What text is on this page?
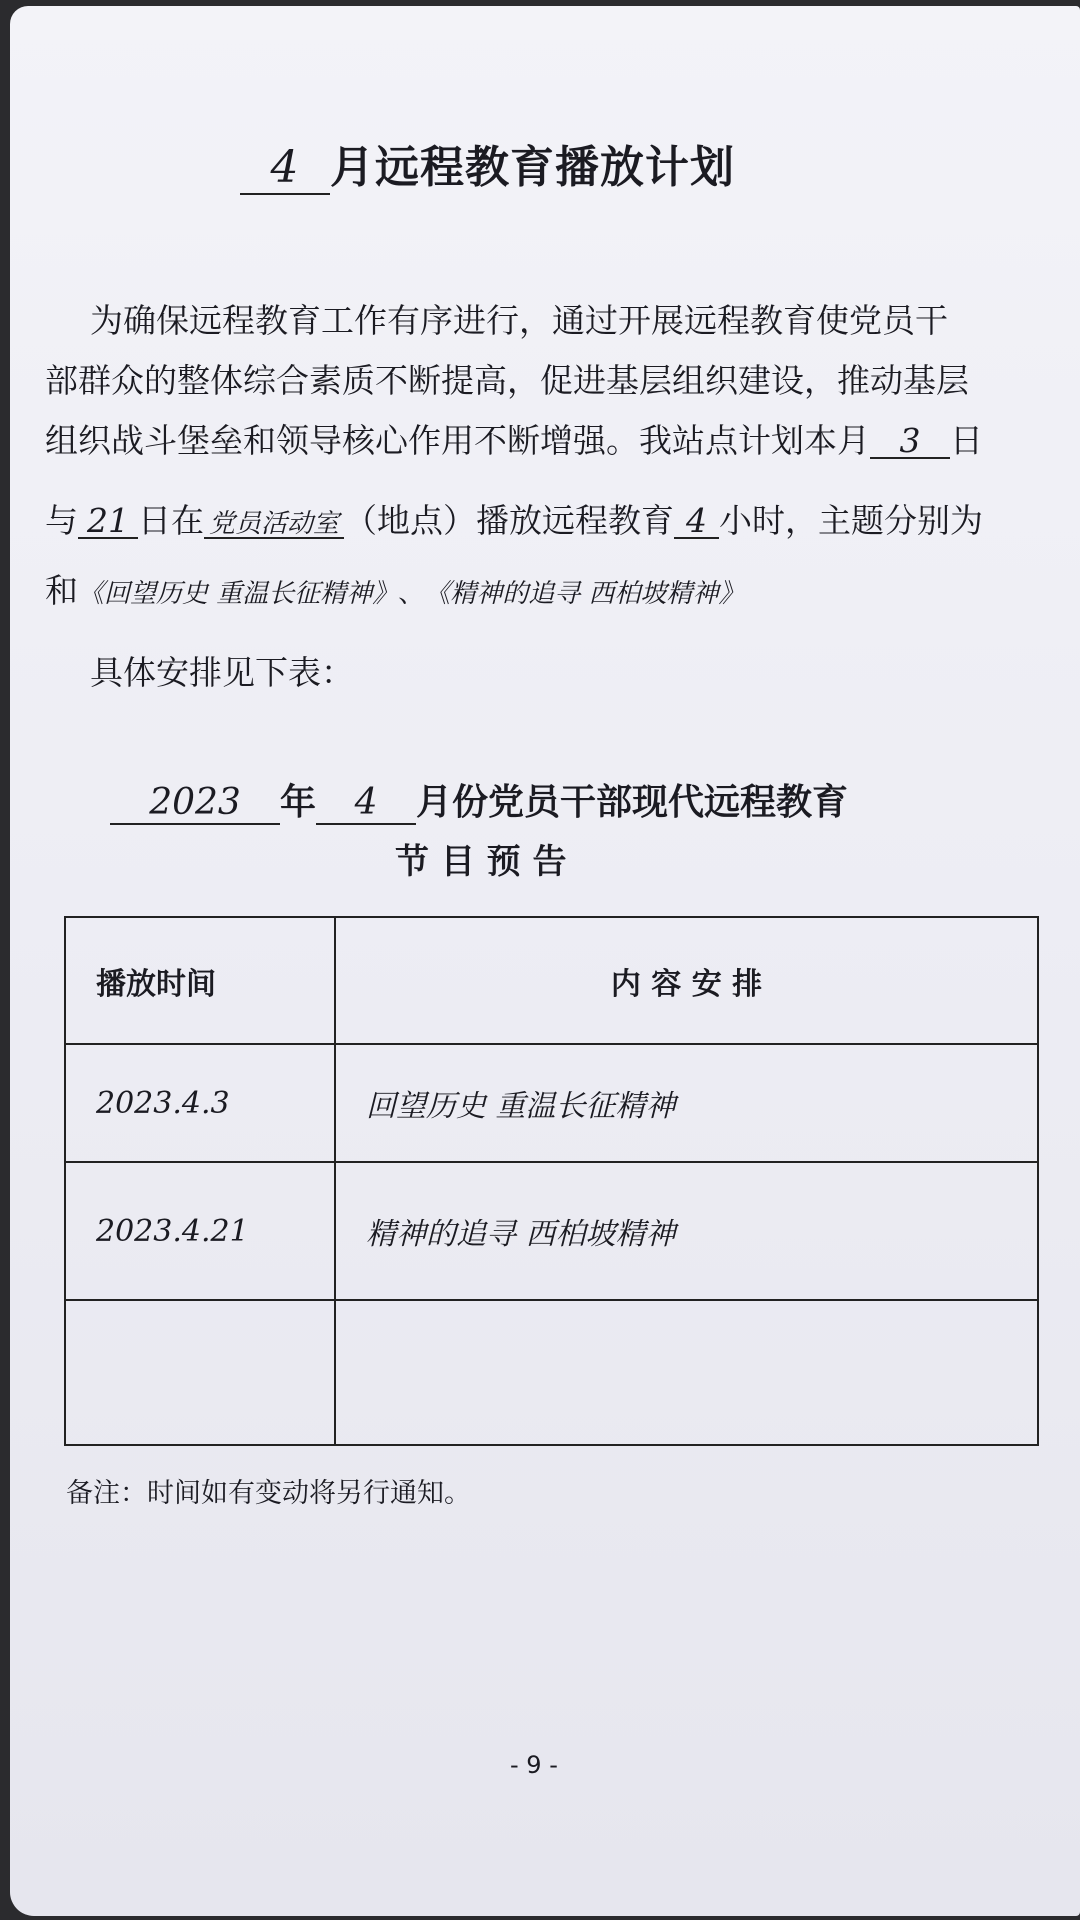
4 月远程教育播放计划
为确保远程教育工作有序进行，通过开展远程教育使党员干
部群众的整体综合素质不断提高，促进基层组织建设，推动基层
组织战斗堡垒和领导核心作用不断增强。我站点计划本月 3 日
与 21 日在 党员活动室 （地点）播放远程教育 4 小时，主题分别为
和《回望历史 重温长征精神》、《精神的追寻 西柏坡精神》
具体安排见下表：
2023 年 4 月份党员干部现代远程教育
节 目 预 告
播放时间	内 容 安 排
2023.4.3	回望历史 重温长征精神
2023.4.21	精神的追寻 西柏坡精神

备注：时间如有变动将另行通知。
- 9 -
